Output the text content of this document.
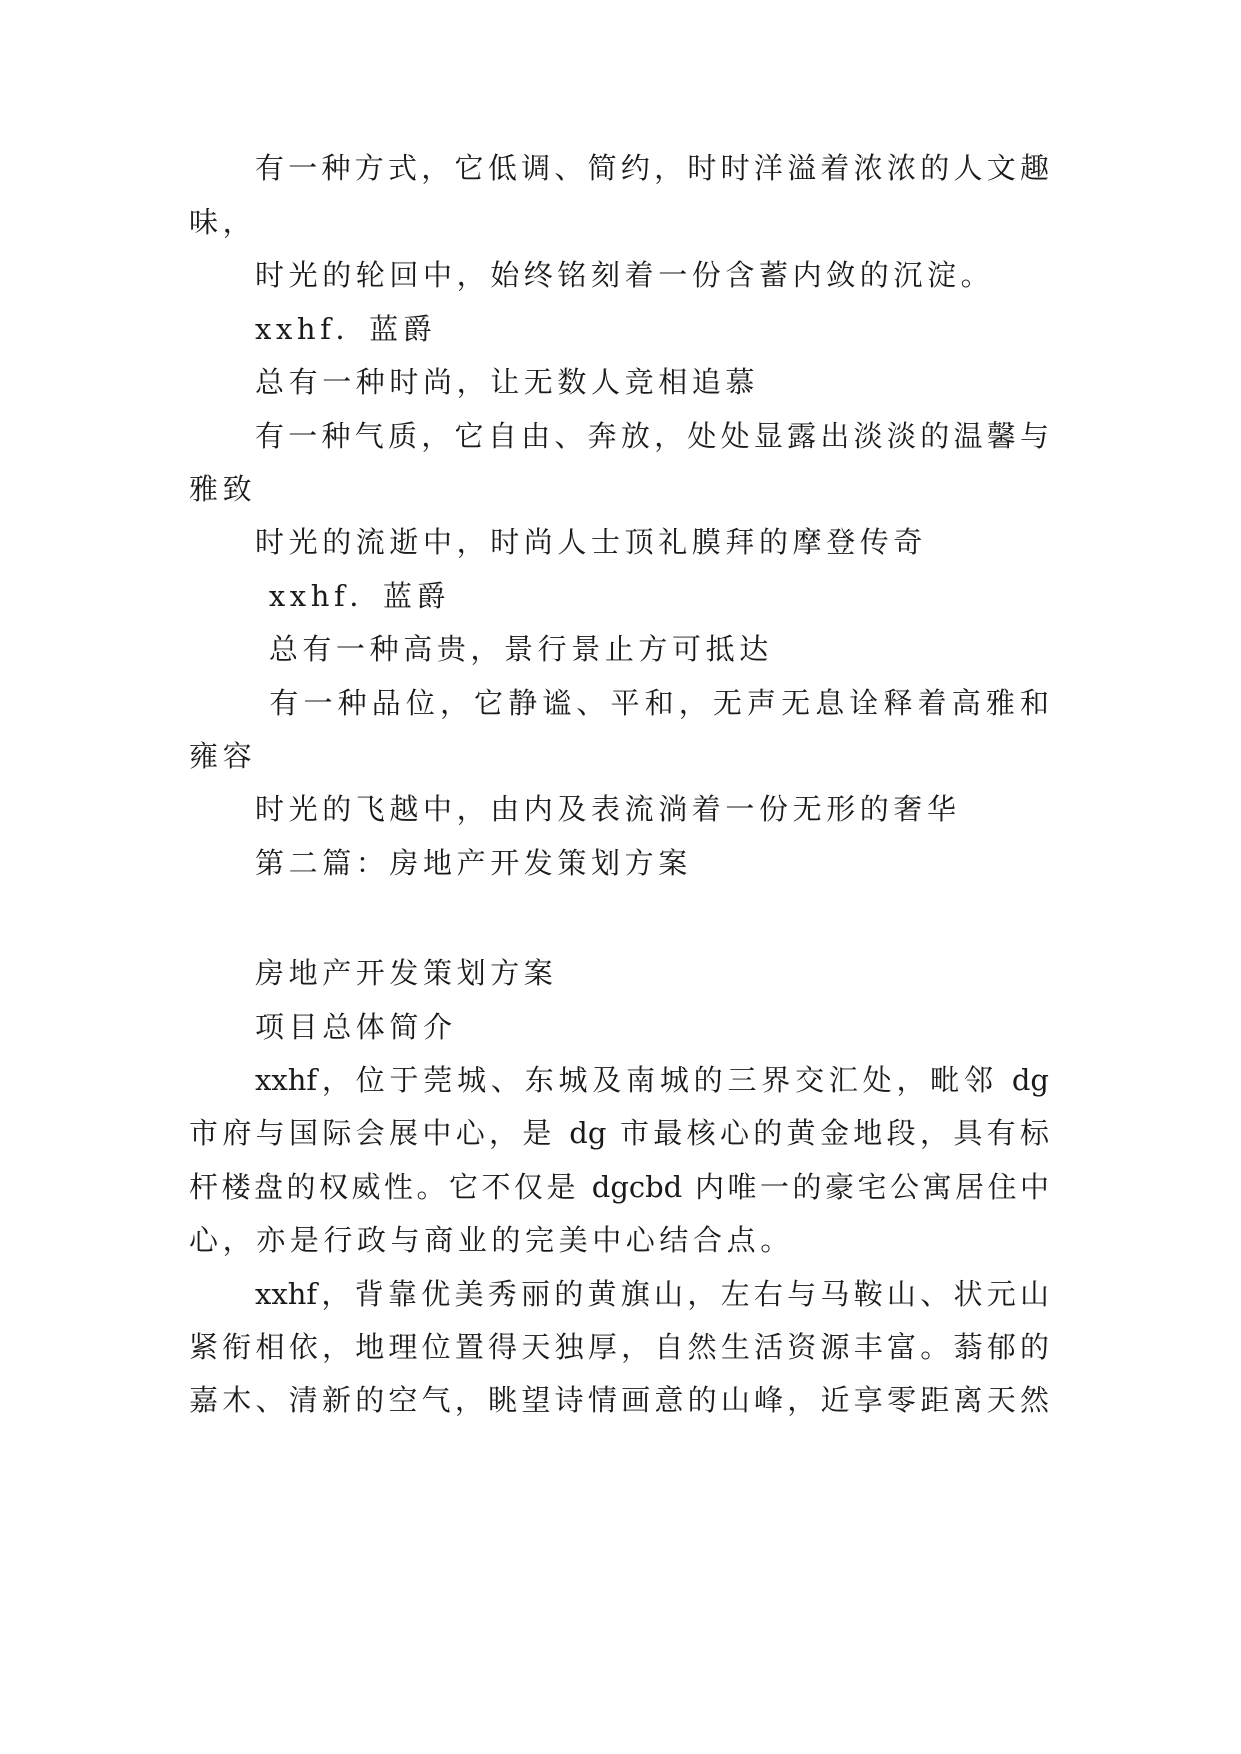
有一种方式，它低调、简约，时时洋溢着浓浓的人文趣
味，
时光的轮回中，始终铭刻着一份含蓄内敛的沉淀。
xxhf．蓝爵
总有一种时尚，让无数人竞相追慕
有一种气质，它自由、奔放，处处显露出淡淡的温馨与
雅致
时光的流逝中，时尚人士顶礼膜拜的摩登传奇
xxhf．蓝爵
总有一种高贵，景行景止方可抵达
有一种品位，它静谧、平和，无声无息诠释着高雅和
雍容
时光的飞越中，由内及表流淌着一份无形的奢华
第二篇：房地产开发策划方案
房地产开发策划方案
项目总体简介
xxhf，位于莞城、东城及南城的三界交汇处，毗邻 dg
市府与国际会展中心，是 dg 市最核心的黄金地段，具有标
杆楼盘的权威性。它不仅是 dgcbd 内唯一的豪宅公寓居住中
心，亦是行政与商业的完美中心结合点。
xxhf，背靠优美秀丽的黄旗山，左右与马鞍山、状元山
紧衔相依，地理位置得天独厚，自然生活资源丰富。蓊郁的
嘉木、清新的空气，眺望诗情画意的山峰，近享零距离天然
